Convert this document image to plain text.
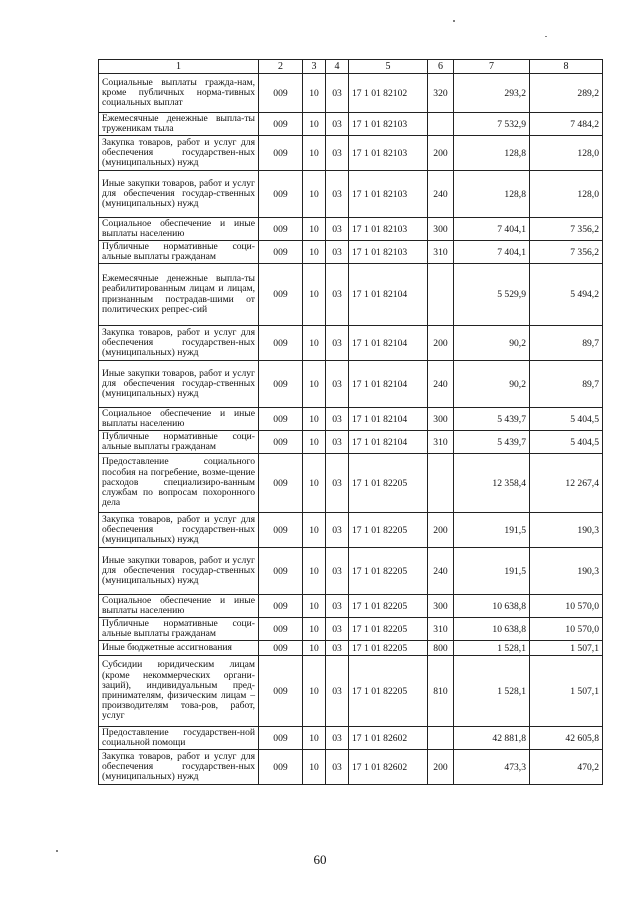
1	2	3	4	5	6	7	8
Социальные выплаты гражда-нам, кроме публичных норма-тивных социальных выплат	009	10	03	17 1 01 82102	320	293,2	289,2
Ежемесячные денежные выпла-ты труженикам тыла	009	10	03	17 1 01 82103		7 532,9	7 484,2
Закупка товаров, работ и услуг для обеспечения государствен-ных (муниципальных) нужд	009	10	03	17 1 01 82103	200	128,8	128,0
Иные закупки товаров, работ и услуг для обеспечения государ-ственных (муниципальных) нужд	009	10	03	17 1 01 82103	240	128,8	128,0
Социальное обеспечение и иные выплаты населению	009	10	03	17 1 01 82103	300	7 404,1	7 356,2
Публичные нормативные соци-альные выплаты гражданам	009	10	03	17 1 01 82103	310	7 404,1	7 356,2
Ежемесячные денежные выпла-ты реабилитированным лицам и лицам, признанным пострадав-шими от политических репрес-сий	009	10	03	17 1 01 82104		5 529,9	5 494,2
Закупка товаров, работ и услуг для обеспечения государствен-ных (муниципальных) нужд	009	10	03	17 1 01 82104	200	90,2	89,7
Иные закупки товаров, работ и услуг для обеспечения государ-ственных (муниципальных) нужд	009	10	03	17 1 01 82104	240	90,2	89,7
Социальное обеспечение и иные выплаты населению	009	10	03	17 1 01 82104	300	5 439,7	5 404,5
Публичные нормативные соци-альные выплаты гражданам	009	10	03	17 1 01 82104	310	5 439,7	5 404,5
Предоставление социального пособия на погребение, возме-щение расходов специализиро-ванным службам по вопросам похоронного дела	009	10	03	17 1 01 82205		12 358,4	12 267,4
Закупка товаров, работ и услуг для обеспечения государствен-ных (муниципальных) нужд	009	10	03	17 1 01 82205	200	191,5	190,3
Иные закупки товаров, работ и услуг для обеспечения государ-ственных (муниципальных) нужд	009	10	03	17 1 01 82205	240	191,5	190,3
Социальное обеспечение и иные выплаты населению	009	10	03	17 1 01 82205	300	10 638,8	10 570,0
Публичные нормативные соци-альные выплаты гражданам	009	10	03	17 1 01 82205	310	10 638,8	10 570,0
Иные бюджетные ассигнования	009	10	03	17 1 01 82205	800	1 528,1	1 507,1
Субсидии юридическим лицам (кроме некоммерческих органи-заций), индивидуальным пред-принимателям, физическим лицам – производителям това-ров, работ, услуг	009	10	03	17 1 01 82205	810	1 528,1	1 507,1
Предоставление государствен-ной социальной помощи	009	10	03	17 1 01 82602		42 881,8	42 605,8
Закупка товаров, работ и услуг для обеспечения государствен-ных (муниципальных) нужд	009	10	03	17 1 01 82602	200	473,3	470,2
60
